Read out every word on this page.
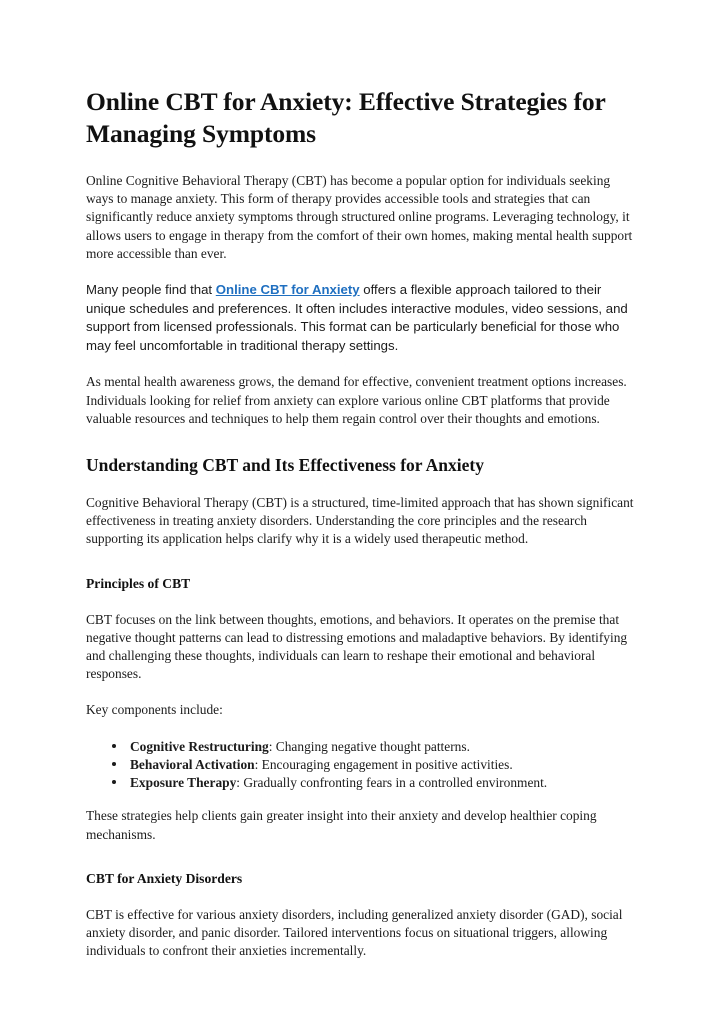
Online CBT for Anxiety: Effective Strategies for Managing Symptoms

Online Cognitive Behavioral Therapy (CBT) has become a popular option for individuals seeking ways to manage anxiety. This form of therapy provides accessible tools and strategies that can significantly reduce anxiety symptoms through structured online programs. Leveraging technology, it allows users to engage in therapy from the comfort of their own homes, making mental health support more accessible than ever.

Many people find that Online CBT for Anxiety offers a flexible approach tailored to their unique schedules and preferences. It often includes interactive modules, video sessions, and support from licensed professionals. This format can be particularly beneficial for those who may feel uncomfortable in traditional therapy settings.

As mental health awareness grows, the demand for effective, convenient treatment options increases. Individuals looking for relief from anxiety can explore various online CBT platforms that provide valuable resources and techniques to help them regain control over their thoughts and emotions.

Understanding CBT and Its Effectiveness for Anxiety

Cognitive Behavioral Therapy (CBT) is a structured, time-limited approach that has shown significant effectiveness in treating anxiety disorders. Understanding the core principles and the research supporting its application helps clarify why it is a widely used therapeutic method.

Principles of CBT

CBT focuses on the link between thoughts, emotions, and behaviors. It operates on the premise that negative thought patterns can lead to distressing emotions and maladaptive behaviors. By identifying and challenging these thoughts, individuals can learn to reshape their emotional and behavioral responses.

Key components include:

Cognitive Restructuring: Changing negative thought patterns.
Behavioral Activation: Encouraging engagement in positive activities.
Exposure Therapy: Gradually confronting fears in a controlled environment.

These strategies help clients gain greater insight into their anxiety and develop healthier coping mechanisms.

CBT for Anxiety Disorders

CBT is effective for various anxiety disorders, including generalized anxiety disorder (GAD), social anxiety disorder, and panic disorder. Tailored interventions focus on situational triggers, allowing individuals to confront their anxieties incrementally.
